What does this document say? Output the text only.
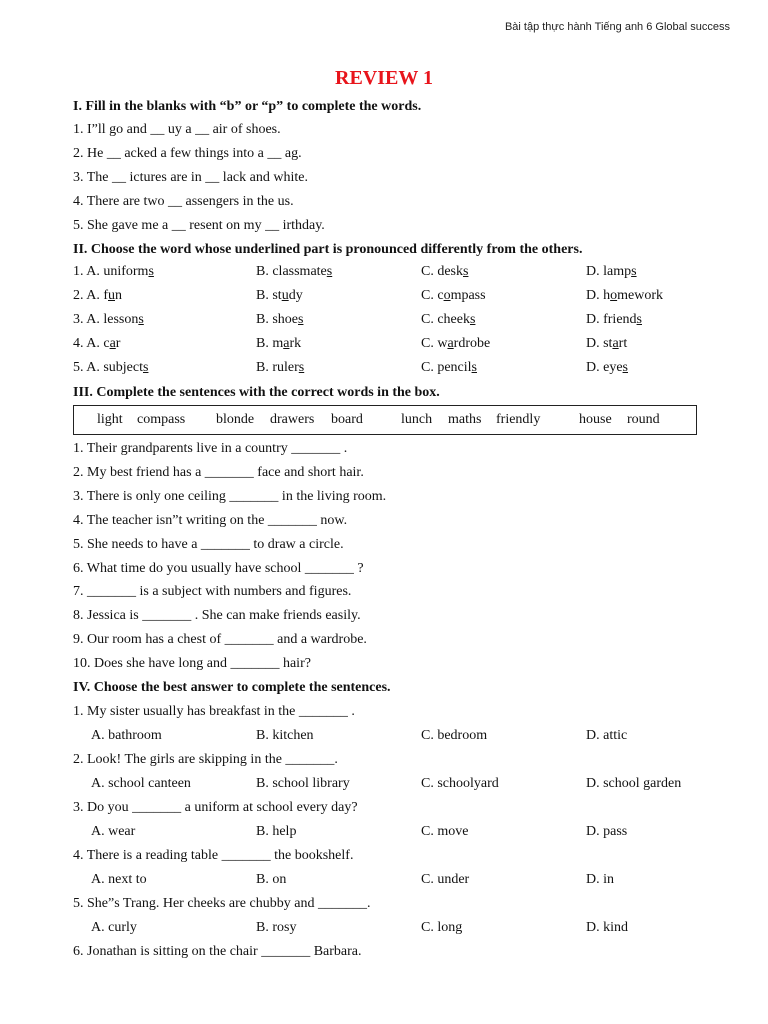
Bài tập thực hành Tiếng anh 6 Global success
REVIEW 1
I. Fill in the blanks with “b” or “p” to complete the words.
1. I”ll go and __ uy a __ air of shoes.
2. He __ acked a few things into a __ ag.
3. The __ ictures are in __ lack and white.
4. There are two __ assengers in the us.
5. She gave me a __ resent on my __ irthday.
II. Choose the word whose underlined part is pronounced differently from the others.
1. A. uniforms	B. classmates	C. desks	D. lamps
2. A. fun	B. study	C. compass	D. homework
3. A. lessons	B. shoes	C. cheeks	D. friends
4. A. car	B. mark	C. wardrobe	D. start
5. A. subjects	B. rulers	C. pencils	D. eyes
III. Complete the sentences with the correct words in the box.
light compass blonde drawers board	lunch maths friendly	house round
1. Their grandparents live in a country _______ .
2. My best friend has a _______ face and short hair.
3. There is only one ceiling _______ in the living room.
4. The teacher isn”t writing on the _______ now.
5. She needs to have a _______ to draw a circle.
6. What time do you usually have school _______ ?
7. _______ is a subject with numbers and figures.
8. Jessica is _______ . She can make friends easily.
9. Our room has a chest of _______ and a wardrobe.
10. Does she have long and _______ hair?
IV. Choose the best answer to complete the sentences.
1. My sister usually has breakfast in the _______ .
A. bathroom	B. kitchen	C. bedroom	D. attic
2. Look! The girls are skipping in the _______.
A. school canteen	B. school library	C. schoolyard	D. school garden
3. Do you _______ a uniform at school every day?
A. wear	B. help	C. move	D. pass
4. There is a reading table _______ the bookshelf.
A. next to	B. on	C. under	D. in
5. She”s Trang. Her cheeks are chubby and _______.
A. curly	B. rosy	C. long	D. kind
6. Jonathan is sitting on the chair _______ Barbara.
